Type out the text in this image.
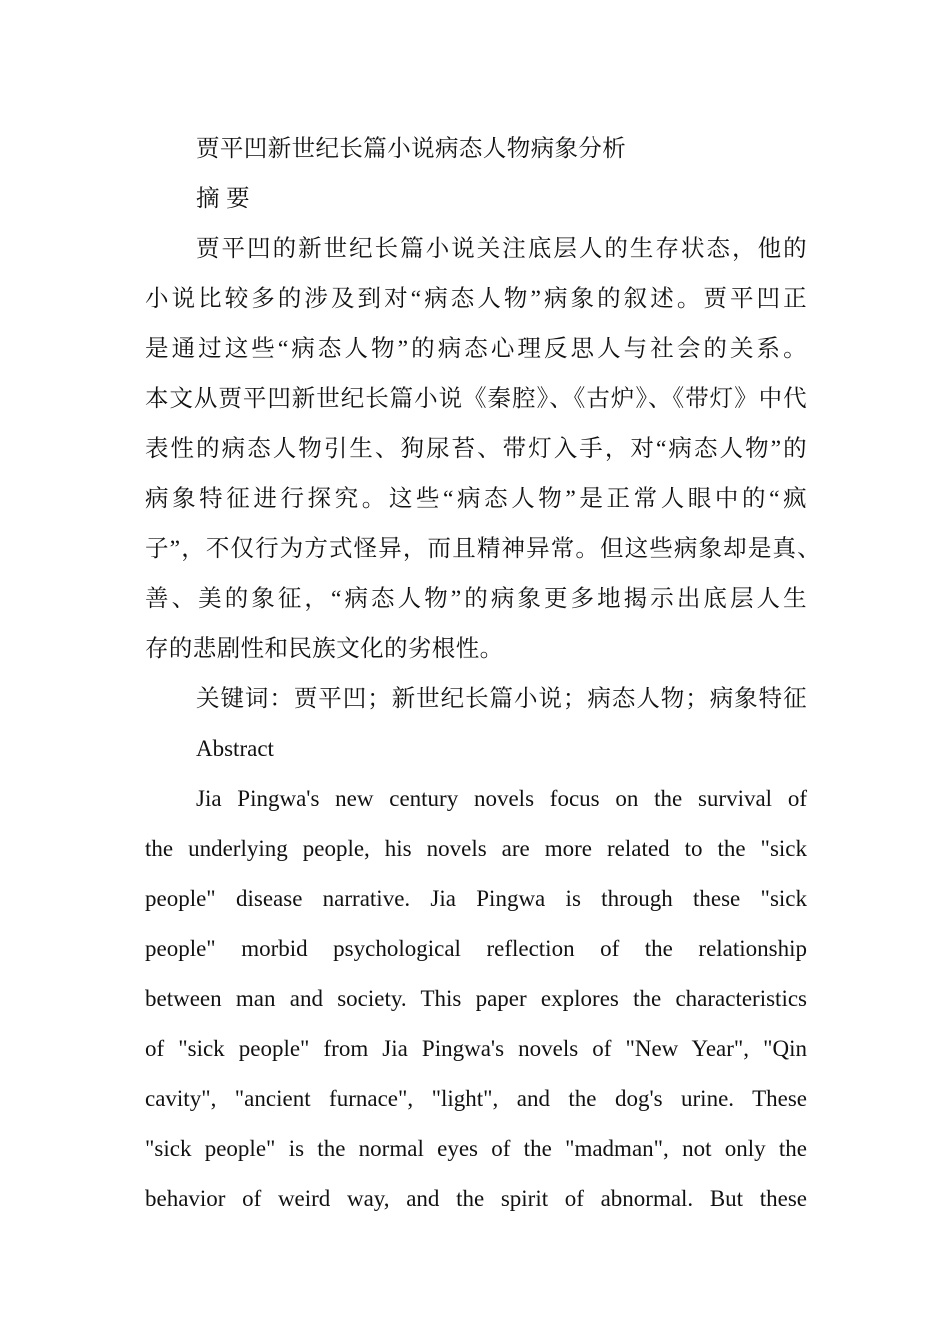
贾平凹新世纪长篇小说病态人物病象分析
摘 要
贾平凹的新世纪长篇小说关注底层人的生存状态，他的
小说比较多的涉及到对“病态人物”病象的叙述。贾平凹正
是通过这些“病态人物”的病态心理反思人与社会的关系。
本文从贾平凹新世纪长篇小说《秦腔》、《古炉》、《带灯》中代
表性的病态人物引生、狗尿苔、带灯入手，对“病态人物”的
病象特征进行探究。这些“病态人物”是正常人眼中的“疯
子”，不仅行为方式怪异，而且精神异常。但这些病象却是真、
善、美的象征，“病态人物”的病象更多地揭示出底层人生
存的悲剧性和民族文化的劣根性。
关键词：贾平凹；新世纪长篇小说；病态人物；病象特征
Abstract
Jia Pingwa's new century novels focus on the survival of
the underlying people, his novels are more related to the "sick
people" disease narrative. Jia Pingwa is through these "sick
people" morbid psychological reflection of the relationship
between man and society. This paper explores the characteristics
of "sick people" from Jia Pingwa's novels of "New Year", "Qin
cavity", "ancient furnace", "light", and the dog's urine. These
"sick people" is the normal eyes of the "madman", not only the
behavior of weird way, and the spirit of abnormal. But these
